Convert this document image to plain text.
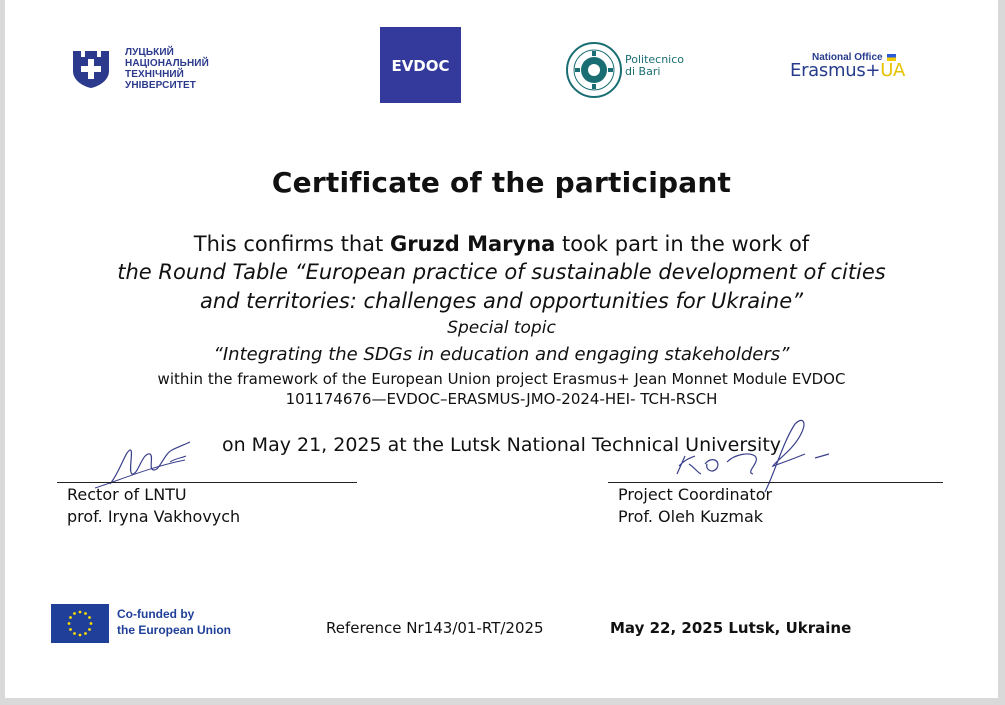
ЛУЦЬКИЙ
НАЦІОНАЛЬНИЙ
ТЕХНІЧНИЙ
УНІВЕРСИТЕТ
EVDOC	Politecnico
di Bari
National Office
Erasmus+UA
Certificate of the participant
This confirms that Gruzd Maryna took part in the work of
the Round Table “European practice of sustainable development of cities
and territories: challenges and opportunities for Ukraine”
Special topic
“Integrating the SDGs in education and engaging stakeholders”
within the framework of the European Union project Erasmus+ Jean Monnet Module EVDOC
101174676—EVDOC–ERASMUS-JMO-2024-HEI- TCH-RSCH
on May 21, 2025 at the Lutsk National Technical University
Rector of LNTU
prof. Iryna Vakhovych
Project Coordinator
Prof. Oleh Kuzmak
Co-funded by
the European Union	Reference Nr143/01-RT/2025	May 22, 2025 Lutsk, Ukraine
